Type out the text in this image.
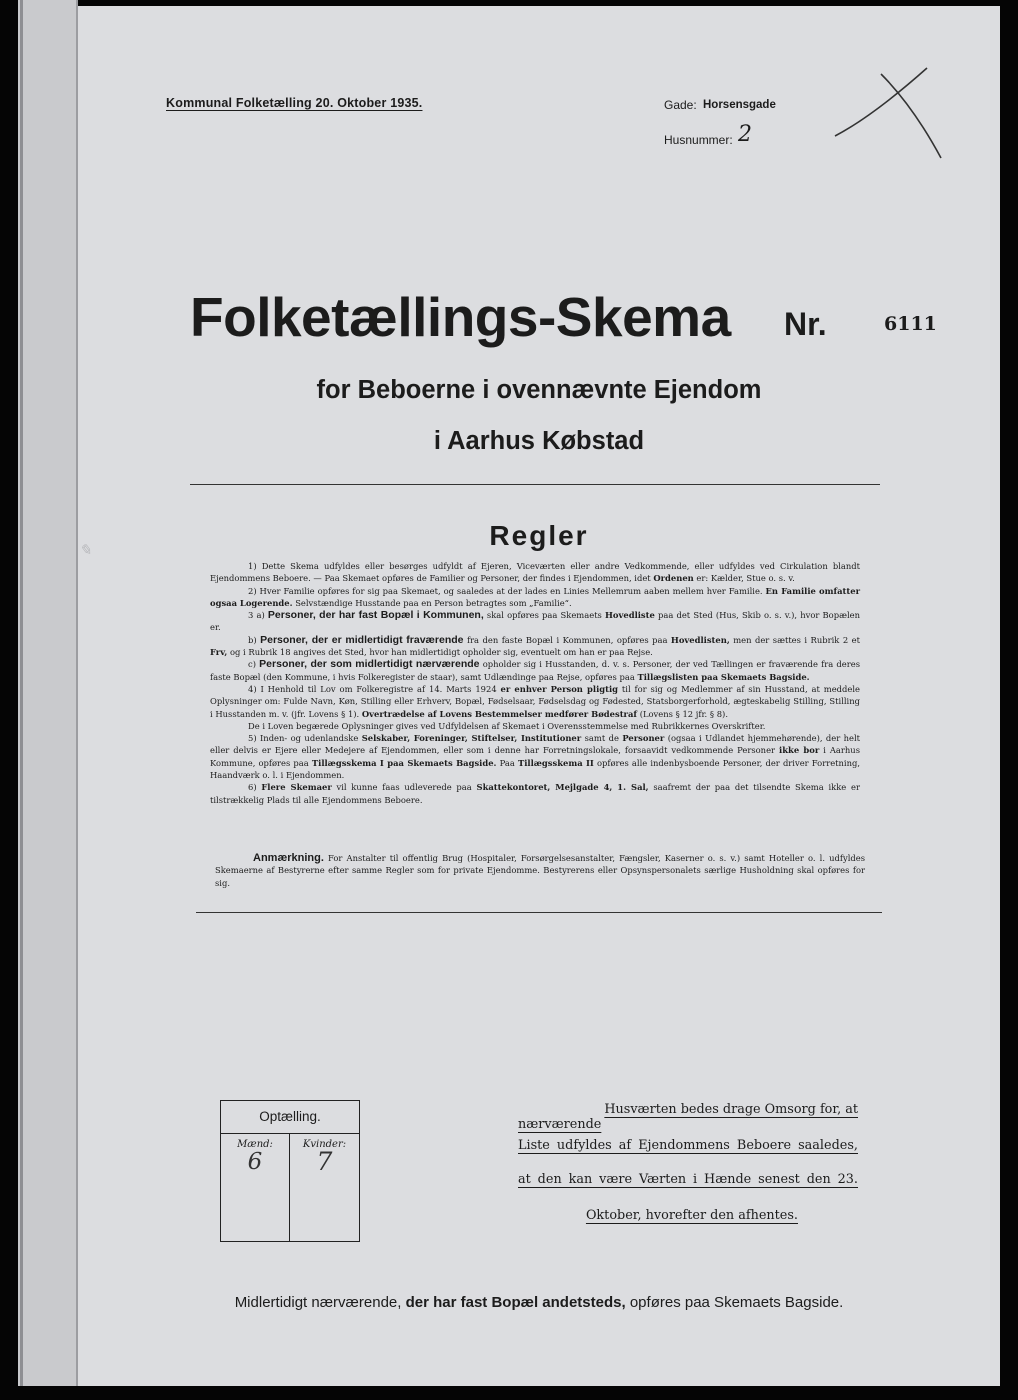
Kommunal Folketælling 20. Oktober 1935.	Gade: Horsensgade
Husnummer: 2
Folketællings-Skema Nr.	6111
for Beboerne i ovennævnte Ejendom
i Aarhus Købstad
✎	Regler

1) Dette Skema udfyldes eller besørges udfyldt af Ejeren, Viceværten eller andre Vedkommende, eller udfyldes ved Cirkulation blandt Ejendommens Beboere. — Paa Skemaet opføres de Familier og Personer, der findes i Ejendommen, idet Ordenen er: Kælder, Stue o. s. v.

2) Hver Familie opføres for sig paa Skemaet, og saaledes at der lades en Linies Mellemrum aaben mellem hver Familie. En Familie omfatter ogsaa Logerende. Selvstændige Husstande paa en Person betragtes som „Familie“.

3 a) Personer, der har fast Bopæl i Kommunen, skal opføres paa Skemaets Hovedliste paa det Sted (Hus, Skib o. s. v.), hvor Bopælen er.

b) Personer, der er midlertidigt fraværende fra den faste Bopæl i Kommunen, opføres paa Hovedlisten, men der sættes i Rubrik 2 et Frv, og i Rubrik 18 angives det Sted, hvor han midlertidigt opholder sig, eventuelt om han er paa Rejse.

c) Personer, der som midlertidigt nærværende opholder sig i Husstanden, d. v. s. Personer, der ved Tællingen er fraværende fra deres faste Bopæl (den Kommune, i hvis Folkeregister de staar), samt Udlændinge paa Rejse, opføres paa Tillægslisten paa Skemaets Bagside.

4) I Henhold til Lov om Folkeregistre af 14. Marts 1924 er enhver Person pligtig til for sig og Medlemmer af sin Husstand, at meddele Oplysninger om: Fulde Navn, Køn, Stilling eller Erhverv, Bopæl, Fødselsaar, Fødselsdag og Fødested, Statsborgerforhold, ægteskabelig Stilling, Stilling i Husstanden m. v. (jfr. Lovens § 1). Overtrædelse af Lovens Bestemmelser medfører Bødestraf (Lovens § 12 jfr. § 8).

De i Loven begærede Oplysninger gives ved Udfyldelsen af Skemaet i Overensstemmelse med Rubrikkernes Overskrifter.

5) Inden- og udenlandske Selskaber, Foreninger, Stiftelser, Institutioner samt de Personer (ogsaa i Udlandet hjemmehørende), der helt eller delvis er Ejere eller Medejere af Ejendommen, eller som i denne har Forretningslokale, forsaavidt vedkommende Personer ikke bor i Aarhus Kommune, opføres paa Tillægsskema I paa Skemaets Bagside. Paa Tillægsskema II opføres alle indenbysboende Personer, der driver Forretning, Haandværk o. l. i Ejendommen.

6) Flere Skemaer vil kunne faas udleverede paa Skattekontoret, Mejlgade 4, 1. Sal, saafremt der paa det tilsendte Skema ikke er tilstrækkelig Plads til alle Ejendommens Beboere.

Anmærkning. For Anstalter til offentlig Brug (Hospitaler, Forsørgelsesanstalter, Fængsler, Kaserner o. s. v.) samt Hoteller o. l. udfyldes Skemaerne af Bestyrerne efter samme Regler som for private Ejendomme. Bestyrerens eller Opsynspersonalets særlige Husholdning skal opføres for sig.

Optælling.
Mænd:	Kvinder:
6	7
Husværten bedes drage Omsorg for, at nærværende
Liste udfyldes af Ejendommens Beboere saaledes,
at den kan være Værten i Hænde senest den 23.
Oktober, hvorefter den afhentes.
Midlertidigt nærværende, der har fast Bopæl andetsteds, opføres paa Skemaets Bagside.
